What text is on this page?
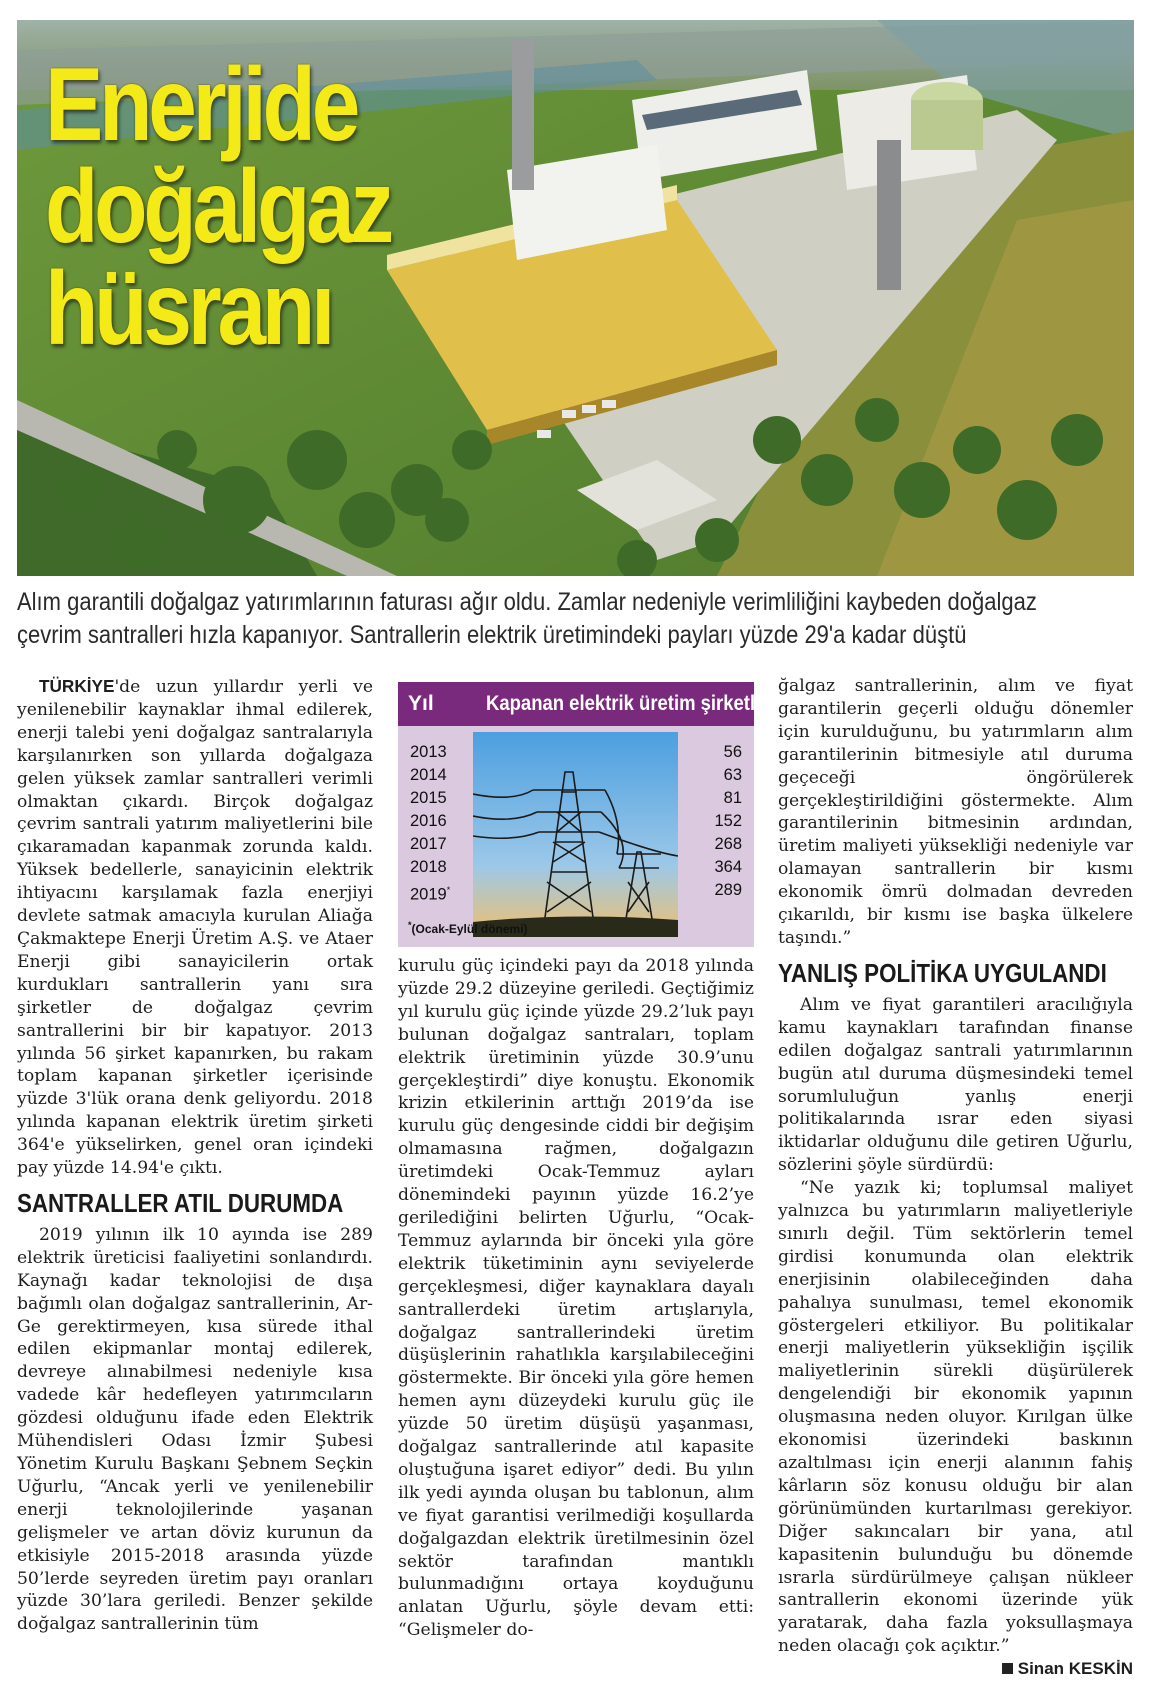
Enerjide
doğalgaz
hüsranı
Alım garantili doğalgaz yatırımlarının faturası ağır oldu. Zamlar nedeniyle verimliliğini kaybeden doğalgaz
çevrim santralleri hızla kapanıyor. Santrallerin elektrik üretimindeki payları yüzde 29'a kadar düştü

TÜRKİYE'de uzun yıllardır yerli ve yenilenebilir kaynaklar ihmal edilerek, enerji talebi yeni doğalgaz santralarıyla karşılanırken son yıllarda doğalgaza gelen yüksek zamlar santralleri verimli olmaktan çıkardı. Birçok doğalgaz çevrim santrali yatırım maliyetlerini bile çıkaramadan kapanmak zorunda kaldı. Yüksek bedellerle, sanayicinin elektrik ihtiyacını karşılamak fazla enerjiyi devlete satmak amacıyla kurulan Aliağa Çakmaktepe Enerji Üretim A.Ş. ve Ataer Enerji gibi sanayicilerin ortak kurdukları santrallerin yanı sıra şirketler de doğalgaz çevrim santrallerini bir bir kapatıyor. 2013 yılında 56 şirket kapanırken, bu rakam toplam kapanan şirketler içerisinde yüzde 3'lük orana denk geliyordu. 2018 yılında kapanan elektrik üretim şirketi 364'e yükselirken, genel oran içindeki pay yüzde 14.94'e çıktı.

SANTRALLER ATIL DURUMDA

2019 yılının ilk 10 ayında ise 289 elektrik üreticisi faaliyetini sonlandırdı. Kaynağı kadar teknolojisi de dışa bağımlı olan doğalgaz santrallerinin, Ar-Ge gerektirmeyen, kısa sürede ithal edilen ekipmanlar montaj edilerek, devreye alınabilmesi nedeniyle kısa vadede kâr hedefleyen yatırımcıların gözdesi olduğunu ifade eden Elektrik Mühendisleri Odası İzmir Şubesi Yönetim Kurulu Başkanı Şebnem Seçkin Uğurlu, “Ancak yerli ve yenilenebilir enerji teknolojilerinde yaşanan gelişmeler ve artan döviz kurunun da etkisiyle 2015-2018 arasında yüzde 50’lerde seyreden üretim payı oranları yüzde 30’lara geriledi. Benzer şekilde doğalgaz santrallerinin tüm

Yıl Kapanan elektrik üretim şirketleri
2013
2014
2015
2016
2017
2018
2019*
56
63
81
152
268
364
289
*(Ocak-Eylül dönemi)

kurulu güç içindeki payı da 2018 yılında yüzde 29.2 düzeyine geriledi. Geçtiğimiz yıl kurulu güç içinde yüzde 29.2’luk payı bulunan doğalgaz santraları, toplam elektrik üretiminin yüzde 30.9’unu gerçekleştirdi” diye konuştu. Ekonomik krizin etkilerinin arttığı 2019’da ise kurulu güç dengesinde ciddi bir değişim olmamasına rağmen, doğalgazın üretimdeki Ocak-Temmuz ayları dönemindeki payının yüzde 16.2’ye gerilediğini belirten Uğurlu, “Ocak-Temmuz aylarında bir önceki yıla göre elektrik tüketiminin aynı seviyelerde gerçekleşmesi, diğer kaynaklara dayalı santrallerdeki üretim artışlarıyla, doğalgaz santrallerindeki üretim düşüşlerinin rahatlıkla karşılabileceğini göstermekte. Bir önceki yıla göre hemen hemen aynı düzeydeki kurulu güç ile yüzde 50 üretim düşüşü yaşanması, doğalgaz santrallerinde atıl kapasite oluştuğuna işaret ediyor” dedi. Bu yılın ilk yedi ayında oluşan bu tablonun, alım ve fiyat garantisi verilmediği koşullarda doğalgazdan elektrik üretilmesinin özel sektör tarafından mantıklı bulunmadığını ortaya koyduğunu anlatan Uğurlu, şöyle devam etti: “Gelişmeler do-

ğalgaz santrallerinin, alım ve fiyat garantilerin geçerli olduğu dönemler için kurulduğunu, bu yatırımların alım garantilerinin bitmesiyle atıl duruma geçeceği öngörülerek gerçekleştirildiğini göstermekte. Alım garantilerinin bitmesinin ardından, üretim maliyeti yüksekliği nedeniyle var olamayan santrallerin bir kısmı ekonomik ömrü dolmadan devreden çıkarıldı, bir kısmı ise başka ülkelere taşındı.”

YANLIŞ POLİTİKA UYGULANDI

Alım ve fiyat garantileri aracılığıyla kamu kaynakları tarafından finanse edilen doğalgaz santrali yatırımlarının bugün atıl duruma düşmesindeki temel sorumluluğun yanlış enerji politikalarında ısrar eden siyasi iktidarlar olduğunu dile getiren Uğurlu, sözlerini şöyle sürdürdü:

“Ne yazık ki; toplumsal maliyet yalnızca bu yatırımların maliyetleriyle sınırlı değil. Tüm sektörlerin temel girdisi konumunda olan elektrik enerjisinin olabileceğinden daha pahalıya sunulması, temel ekonomik göstergeleri etkiliyor. Bu politikalar enerji maliyetlerin yüksekliğin işçilik maliyetlerinin sürekli düşürülerek dengelendiği bir ekonomik yapının oluşmasına neden oluyor. Kırılgan ülke ekonomisi üzerindeki baskının azaltılması için enerji alanının fahiş kârların söz konusu olduğu bir alan görünümünden kurtarılması gerekiyor. Diğer sakıncaları bir yana, atıl kapasitenin bulunduğu bu dönemde ısrarla sürdürülmeye çalışan nükleer santrallerin ekonomi üzerinde yük yaratarak, daha fazla yoksullaşmaya neden olacağı çok açıktır.”

Sinan KESKİN
